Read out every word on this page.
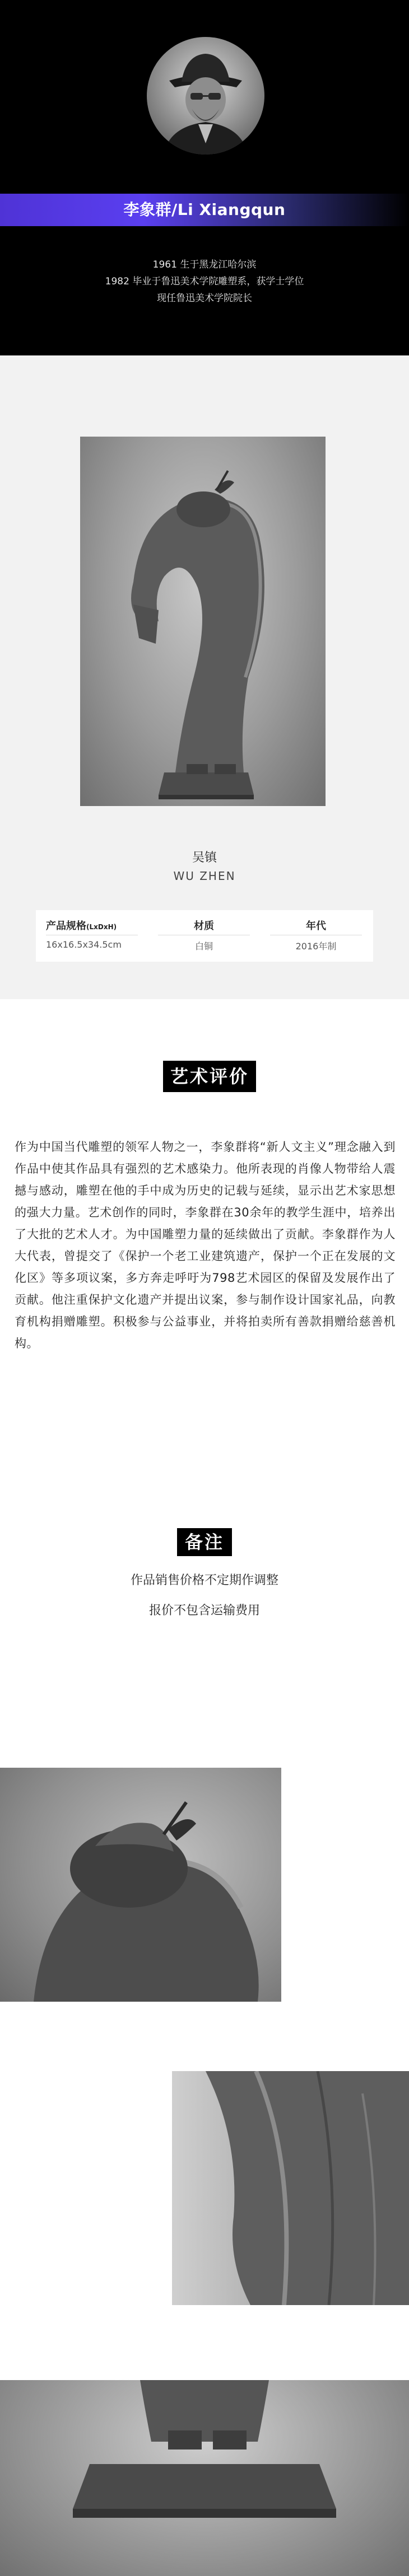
李象群/Li Xiangqun
1961 生于黑龙江哈尔滨
1982 毕业于鲁迅美术学院雕塑系，获学士学位
现任鲁迅美术学院院长
吴镇
WU ZHEN
产品规格(LxDxH)
16x16.5x34.5cm
材质
白铜
年代
2016年制
艺术评价
作为中国当代雕塑的领军人物之一，李象群将“新人文主义”理念融入到作品中使其作品具有强烈的艺术感染力。他所表现的肖像人物带给人震撼与感动，雕塑在他的手中成为历史的记载与延续，显示出艺术家思想的强大力量。艺术创作的同时，李象群在30余年的教学生涯中，培养出了大批的艺术人才。为中国雕塑力量的延续做出了贡献。李象群作为人大代表，曾提交了《保护一个老工业建筑遗产，保护一个正在发展的文化区》等多项议案，多方奔走呼吁为798艺术园区的保留及发展作出了贡献。他注重保护文化遗产并提出议案，参与制作设计国家礼品，向教育机构捐赠雕塑。积极参与公益事业，并将拍卖所有善款捐赠给慈善机构。
备注
作品销售价格不定期作调整
报价不包含运输费用
